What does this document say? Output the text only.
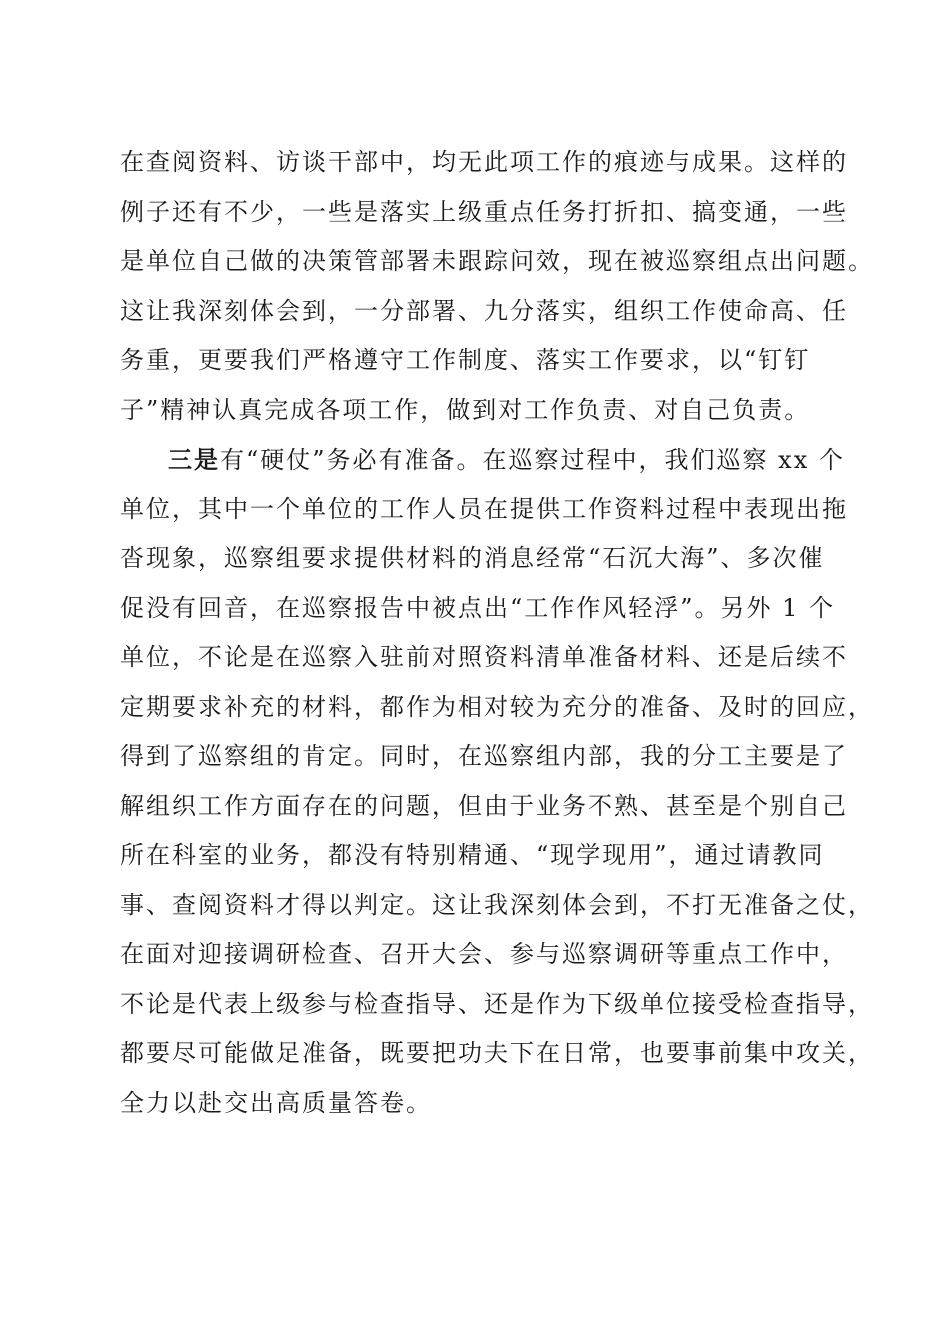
在查阅资料、访谈干部中，均无此项工作的痕迹与成果。这样的
例子还有不少，一些是落实上级重点任务打折扣、搞变通，一些
是单位自己做的决策管部署未跟踪问效，现在被巡察组点出问题。
这让我深刻体会到，一分部署、九分落实，组织工作使命高、任
务重，更要我们严格遵守工作制度、落实工作要求，以“钉钉
子”精神认真完成各项工作，做到对工作负责、对自己负责。
三是有“硬仗”务必有准备。在巡察过程中，我们巡察 xx 个
单位，其中一个单位的工作人员在提供工作资料过程中表现出拖
沓现象，巡察组要求提供材料的消息经常“石沉大海”、多次催
促没有回音，在巡察报告中被点出“工作作风轻浮”。另外 1 个
单位，不论是在巡察入驻前对照资料清单准备材料、还是后续不
定期要求补充的材料，都作为相对较为充分的准备、及时的回应，
得到了巡察组的肯定。同时，在巡察组内部，我的分工主要是了
解组织工作方面存在的问题，但由于业务不熟、甚至是个别自己
所在科室的业务，都没有特别精通、“现学现用”，通过请教同
事、查阅资料才得以判定。这让我深刻体会到，不打无准备之仗，
在面对迎接调研检查、召开大会、参与巡察调研等重点工作中，
不论是代表上级参与检查指导、还是作为下级单位接受检查指导，
都要尽可能做足准备，既要把功夫下在日常，也要事前集中攻关，
全力以赴交出高质量答卷。
